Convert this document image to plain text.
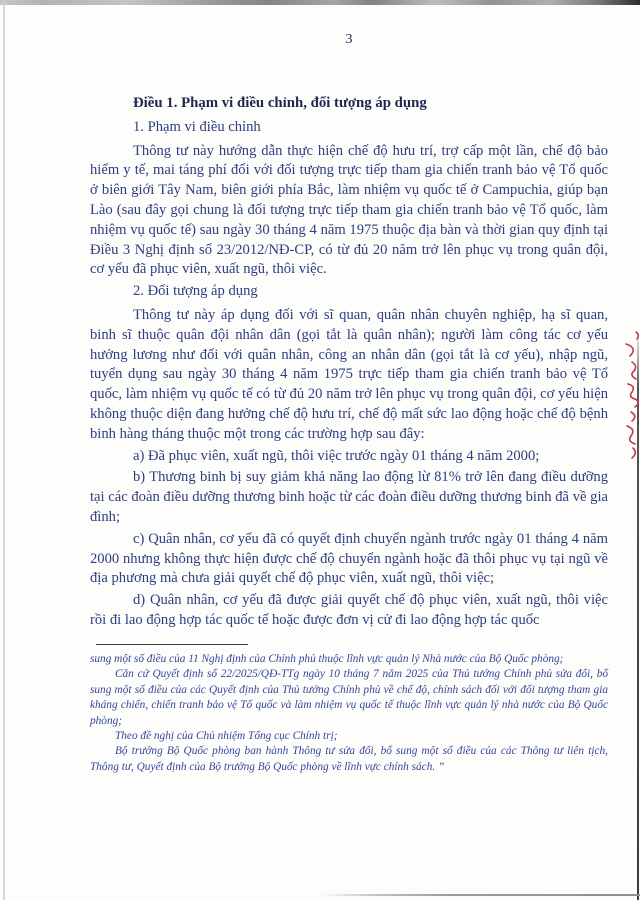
3

Điều 1. Phạm vi điều chỉnh, đối tượng áp dụng

1. Phạm vi điều chỉnh

Thông tư này hướng dẫn thực hiện chế độ hưu trí, trợ cấp một lần, chế độ bảo hiểm y tế, mai táng phí đối với đối tượng trực tiếp tham gia chiến tranh bảo vệ Tổ quốc ở biên giới Tây Nam, biên giới phía Bắc, làm nhiệm vụ quốc tế ở Campuchia, giúp bạn Lào (sau đây gọi chung là đối tượng trực tiếp tham gia chiến tranh bảo vệ Tổ quốc, làm nhiệm vụ quốc tế) sau ngày 30 tháng 4 năm 1975 thuộc địa bàn và thời gian quy định tại Điều 3 Nghị định số 23/2012/NĐ-CP, có từ đủ 20 năm trở lên phục vụ trong quân đội, cơ yếu đã phục viên, xuất ngũ, thôi việc.

2. Đối tượng áp dụng

Thông tư này áp dụng đối với sĩ quan, quân nhân chuyên nghiệp, hạ sĩ quan, binh sĩ thuộc quân đội nhân dân (gọi tắt là quân nhân); người làm công tác cơ yếu hưởng lương như đối với quân nhân, công an nhân dân (gọi tắt là cơ yếu), nhập ngũ, tuyển dụng sau ngày 30 tháng 4 năm 1975 trực tiếp tham gia chiến tranh bảo vệ Tổ quốc, làm nhiệm vụ quốc tế có từ đủ 20 năm trở lên phục vụ trong quân đội, cơ yếu hiện không thuộc diện đang hưởng chế độ hưu trí, chế độ mất sức lao động hoặc chế độ bệnh binh hàng tháng thuộc một trong các trường hợp sau đây:

a) Đã phục viên, xuất ngũ, thôi việc trước ngày 01 tháng 4 năm 2000;

b) Thương binh bị suy giảm khả năng lao động lừ 81% trở lên đang điều dưỡng tại các đoàn điều dưỡng thương binh hoặc từ các đoàn điều dưỡng thương binh đã về gia đình;

c) Quân nhân, cơ yếu đã có quyết định chuyển ngành trước ngày 01 tháng 4 năm 2000 nhưng không thực hiện được chế độ chuyển ngành hoặc đã thôi phục vụ tại ngũ về địa phương mà chưa giải quyết chế độ phục viên, xuất ngũ, thôi việc;

d) Quân nhân, cơ yếu đã được giải quyết chế độ phục viên, xuất ngũ, thôi việc rồi đi lao động hợp tác quốc tế hoặc được đơn vị cử đi lao động hợp tác quốc

sung một số điều của 11 Nghị định của Chính phủ thuộc lĩnh vực quản lý Nhà nước của Bộ Quốc phòng;

Căn cứ Quyết định số 22/2025/QĐ-TTg ngày 10 tháng 7 năm 2025 của Thủ tướng Chính phủ sửa đổi, bổ sung một số điều của các Quyết định của Thủ tướng Chính phủ về chế độ, chính sách đối với đối tượng tham gia kháng chiến, chiến tranh bảo vệ Tổ quốc và làm nhiệm vụ quốc tế thuộc lĩnh vực quản lý nhà nước của Bộ Quốc phòng;

Theo đề nghị của Chủ nhiệm Tổng cục Chính trị;

Bộ trưởng Bộ Quốc phòng ban hành Thông tư sửa đổi, bổ sung một số điều của các Thông tư liên tịch, Thông tư, Quyết định của Bộ trưởng Bộ Quốc phòng về lĩnh vực chính sách. ”
